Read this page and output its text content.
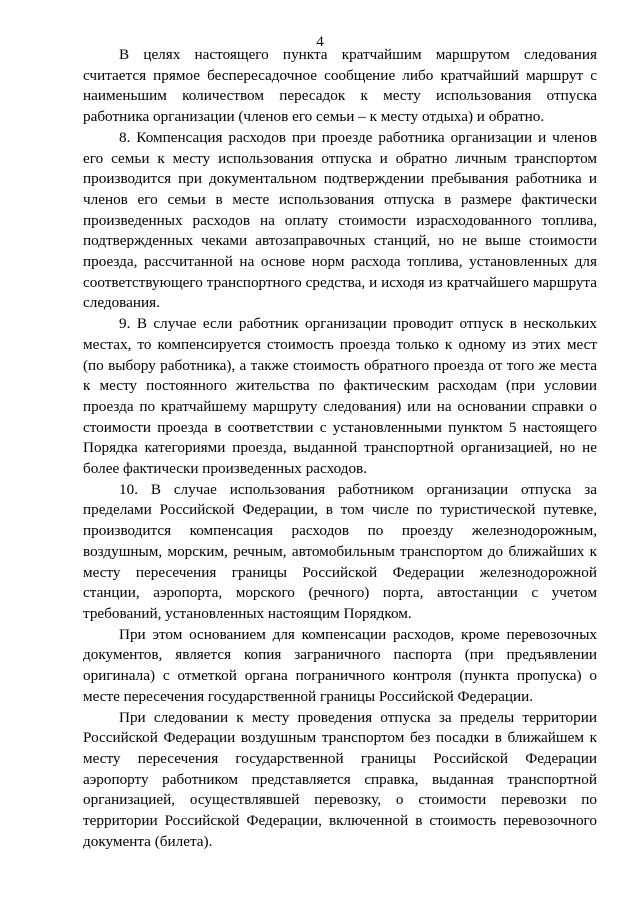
4

В целях настоящего пункта кратчайшим маршрутом следования считается прямое беспересадочное сообщение либо кратчайший маршрут с наименьшим количеством пересадок к месту использования отпуска работника организации (членов его семьи – к месту отдыха) и обратно.

8. Компенсация расходов при проезде работника организации и членов его семьи к месту использования отпуска и обратно личным транспортом производится при документальном подтверждении пребывания работника и членов его семьи в месте использования отпуска в размере фактически произведенных расходов на оплату стоимости израсходованного топлива, подтвержденных чеками автозаправочных станций, но не выше стоимости проезда, рассчитанной на основе норм расхода топлива, установленных для соответствующего транспортного средства, и исходя из кратчайшего маршрута следования.

9. В случае если работник организации проводит отпуск в нескольких местах, то компенсируется стоимость проезда только к одному из этих мест (по выбору работника), а также стоимость обратного проезда от того же места к месту постоянного жительства по фактическим расходам (при условии проезда по кратчайшему маршруту следования) или на основании справки о стоимости проезда в соответствии с установленными пунктом 5 настоящего Порядка категориями проезда, выданной транспортной организацией, но не более фактически произведенных расходов.

10. В случае использования работником организации отпуска за пределами Российской Федерации, в том числе по туристической путевке, производится компенсация расходов по проезду железнодорожным, воздушным, морским, речным, автомобильным транспортом до ближайших к месту пересечения границы Российской Федерации железнодорожной станции, аэропорта, морского (речного) порта, автостанции с учетом требований, установленных настоящим Порядком.

При этом основанием для компенсации расходов, кроме перевозочных документов, является копия заграничного паспорта (при предъявлении оригинала) с отметкой органа пограничного контроля (пункта пропуска) о месте пересечения государственной границы Российской Федерации.

При следовании к месту проведения отпуска за пределы территории Российской Федерации воздушным транспортом без посадки в ближайшем к месту пересечения государственной границы Российской Федерации аэропорту работником представляется справка, выданная транспортной организацией, осуществлявшей перевозку, о стоимости перевозки по территории Российской Федерации, включенной в стоимость перевозочного документа (билета).
